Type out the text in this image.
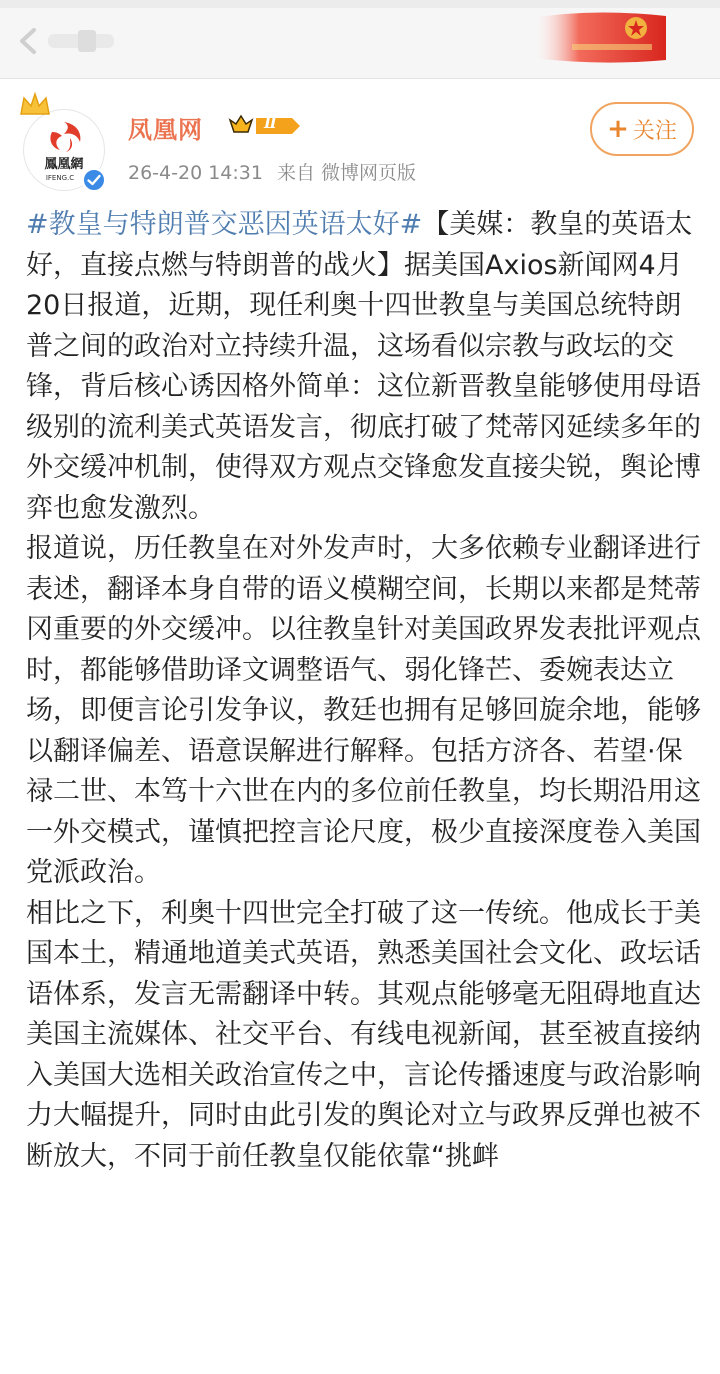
鳳凰網
IFENG.C
凤凰网	Ⅱ
26-4-20 14:31 来自 微博网页版
+ 关注

#教皇与特朗普交恶因英语太好#【美媒：教皇的英语太好，直接点燃与特朗普的战火】据美国Axios新闻网4月20日报道，近期，现任利奥十四世教皇与美国总统特朗普之间的政治对立持续升温，这场看似宗教与政坛的交锋，背后核心诱因格外简单：这位新晋教皇能够使用母语级别的流利美式英语发言，彻底打破了梵蒂冈延续多年的外交缓冲机制，使得双方观点交锋愈发直接尖锐，舆论博弈也愈发激烈。

报道说，历任教皇在对外发声时，大多依赖专业翻译进行表述，翻译本身自带的语义模糊空间，长期以来都是梵蒂冈重要的外交缓冲。以往教皇针对美国政界发表批评观点时，都能够借助译文调整语气、弱化锋芒、委婉表达立场，即便言论引发争议，教廷也拥有足够回旋余地，能够以翻译偏差、语意误解进行解释。包括方济各、若望·保禄二世、本笃十六世在内的多位前任教皇，均长期沿用这一外交模式，谨慎把控言论尺度，极少直接深度卷入美国党派政治。

相比之下，利奥十四世完全打破了这一传统。他成长于美国本土，精通地道美式英语，熟悉美国社会文化、政坛话语体系，发言无需翻译中转。其观点能够毫无阻碍地直达美国主流媒体、社交平台、有线电视新闻，甚至被直接纳入美国大选相关政治宣传之中，言论传播速度与政治影响力大幅提升，同时由此引发的舆论对立与政界反弹也被不断放大，不同于前任教皇仅能依靠“挑衅
